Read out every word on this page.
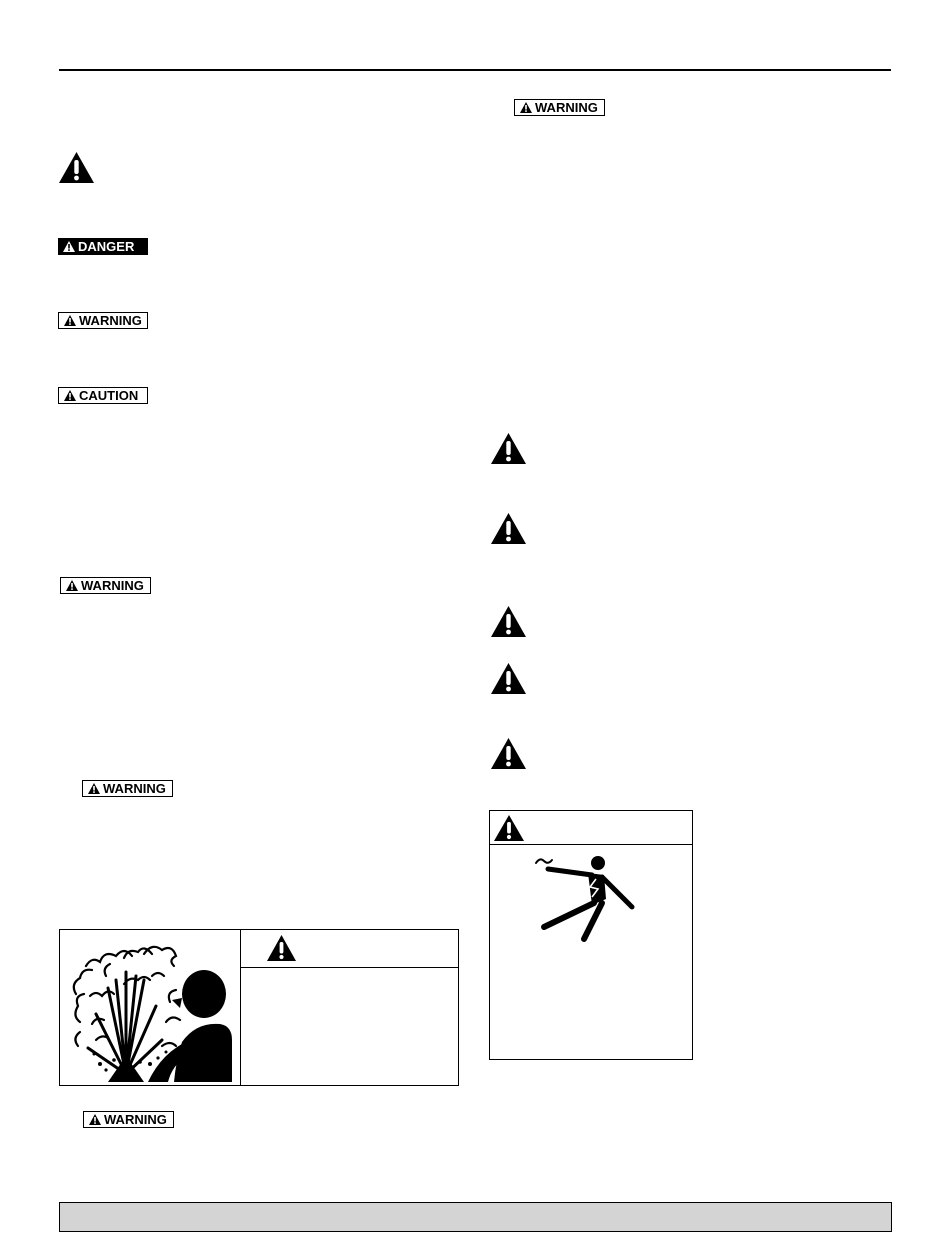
DANGER
WARNING
CAUTION
WARNING
WARNING
WARNING
WARNING
